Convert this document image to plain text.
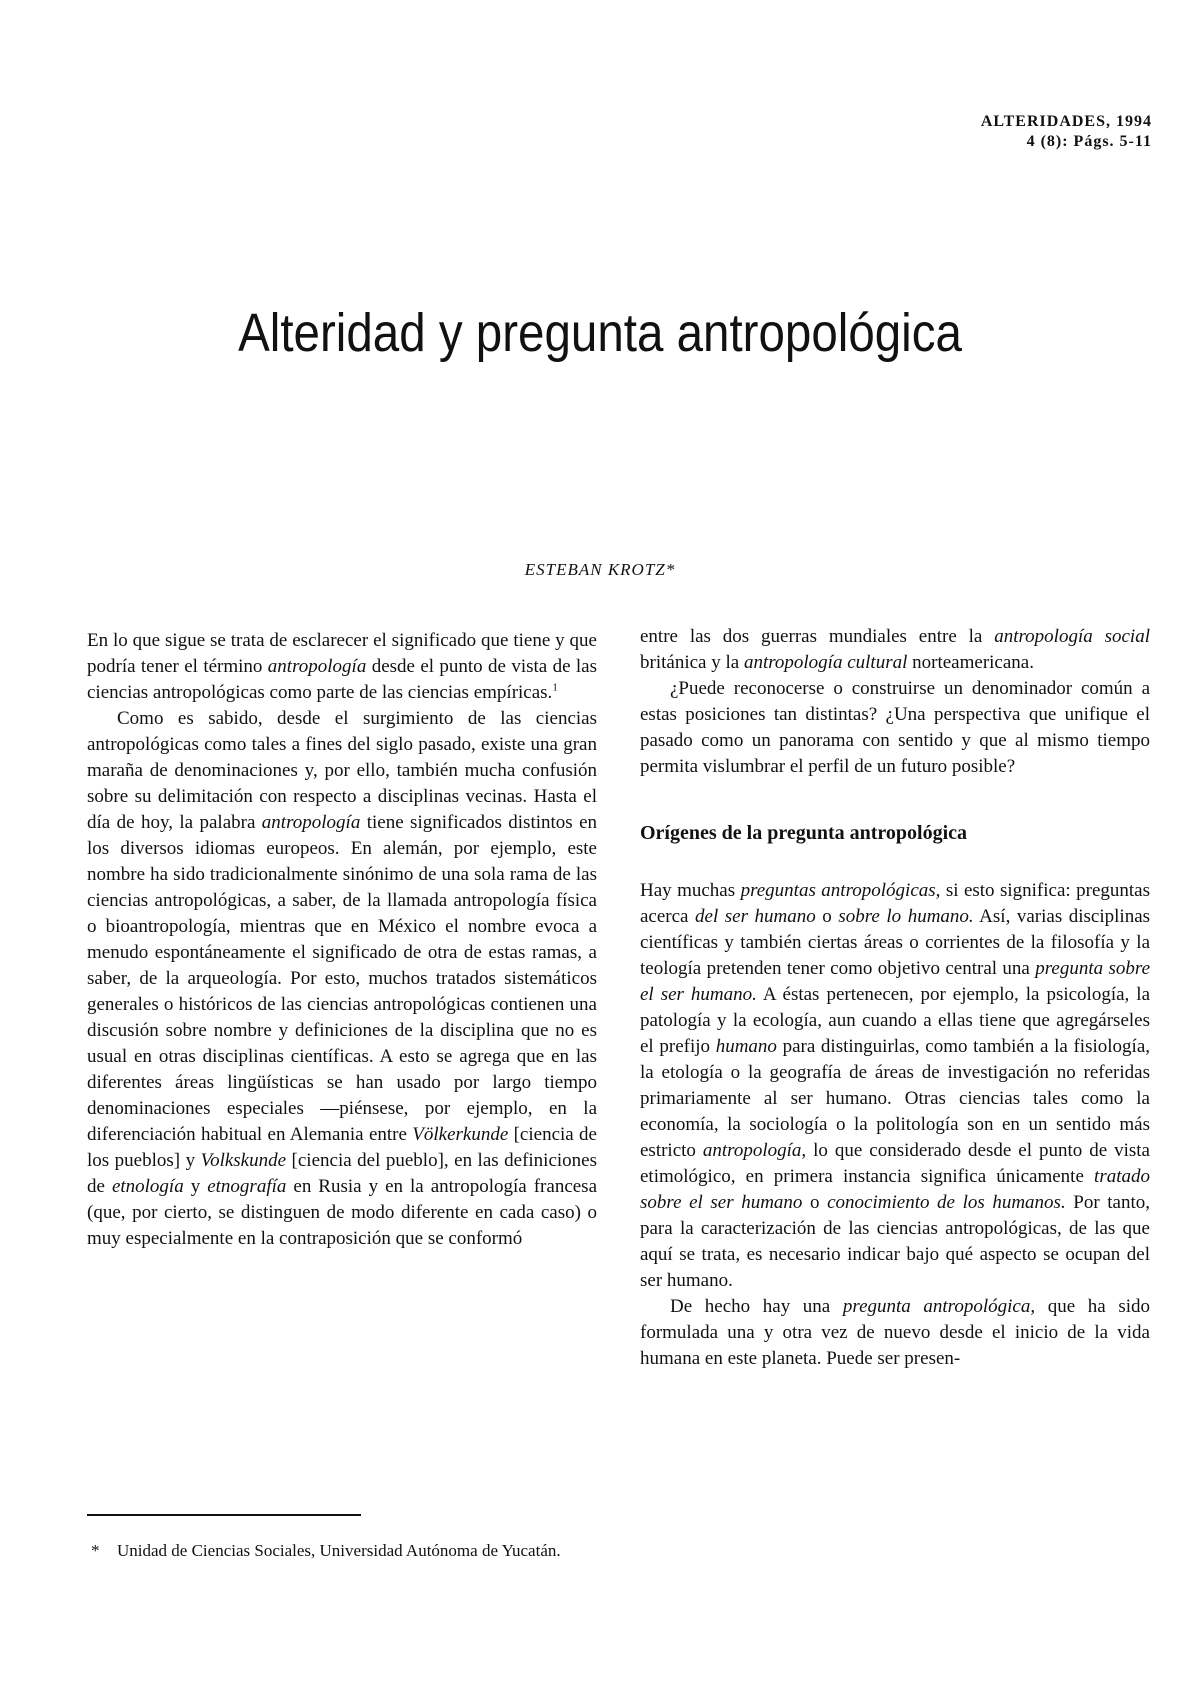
ALTERIDADES, 1994
4 (8): Págs. 5-11
Alteridad y pregunta antropológica
ESTEBAN KROTZ*

En lo que sigue se trata de esclarecer el significado que tiene y que podría tener el término antropología desde el punto de vista de las ciencias antropológicas como parte de las ciencias empíricas.$^1$

Como es sabido, desde el surgimiento de las ciencias antropológicas como tales a fines del siglo pasado, existe una gran maraña de denominaciones y, por ello, también mucha confusión sobre su delimitación con respecto a disciplinas vecinas. Hasta el día de hoy, la palabra antropología tiene significados distintos en los diversos idiomas europeos. En alemán, por ejemplo, este nombre ha sido tradicionalmente sinónimo de una sola rama de las ciencias antropológicas, a saber, de la llamada antropología física o bioantropología, mientras que en México el nombre evoca a menudo espontáneamente el significado de otra de estas ramas, a saber, de la arqueología. Por esto, muchos tratados sistemáticos generales o históricos de las ciencias antropológicas contienen una discusión sobre nombre y definiciones de la disciplina que no es usual en otras disciplinas científicas. A esto se agrega que en las diferentes áreas lingüísticas se han usado por largo tiempo denominaciones especiales —piénsese, por ejemplo, en la diferenciación habitual en Alemania entre Völkerkunde [ciencia de los pueblos] y Volkskunde [ciencia del pueblo], en las definiciones de etnología y etnografía en Rusia y en la antropología francesa (que, por cierto, se distinguen de modo diferente en cada caso) o muy especialmente en la contraposición que se conformó

entre las dos guerras mundiales entre la antropología social británica y la antropología cultural norteamericana.

¿Puede reconocerse o construirse un denominador común a estas posiciones tan distintas? ¿Una perspectiva que unifique el pasado como un panorama con sentido y que al mismo tiempo permita vislumbrar el perfil de un futuro posible?

Orígenes de la pregunta antropológica

Hay muchas preguntas antropológicas, si esto significa: preguntas acerca del ser humano o sobre lo humano. Así, varias disciplinas científicas y también ciertas áreas o corrientes de la filosofía y la teología pretenden tener como objetivo central una pregunta sobre el ser humano. A éstas pertenecen, por ejemplo, la psicología, la patología y la ecología, aun cuando a ellas tiene que agregárseles el prefijo humano para distinguirlas, como también a la fisiología, la etología o la geografía de áreas de investigación no referidas primariamente al ser humano. Otras ciencias tales como la economía, la sociología o la politología son en un sentido más estricto antropología, lo que considerado desde el punto de vista etimológico, en primera instancia significa únicamente tratado sobre el ser humano o conocimiento de los humanos. Por tanto, para la caracterización de las ciencias antropológicas, de las que aquí se trata, es necesario indicar bajo qué aspecto se ocupan del ser humano.

De hecho hay una pregunta antropológica, que ha sido formulada una y otra vez de nuevo desde el inicio de la vida humana en este planeta. Puede ser presen-

* Unidad de Ciencias Sociales, Universidad Autónoma de Yucatán.
